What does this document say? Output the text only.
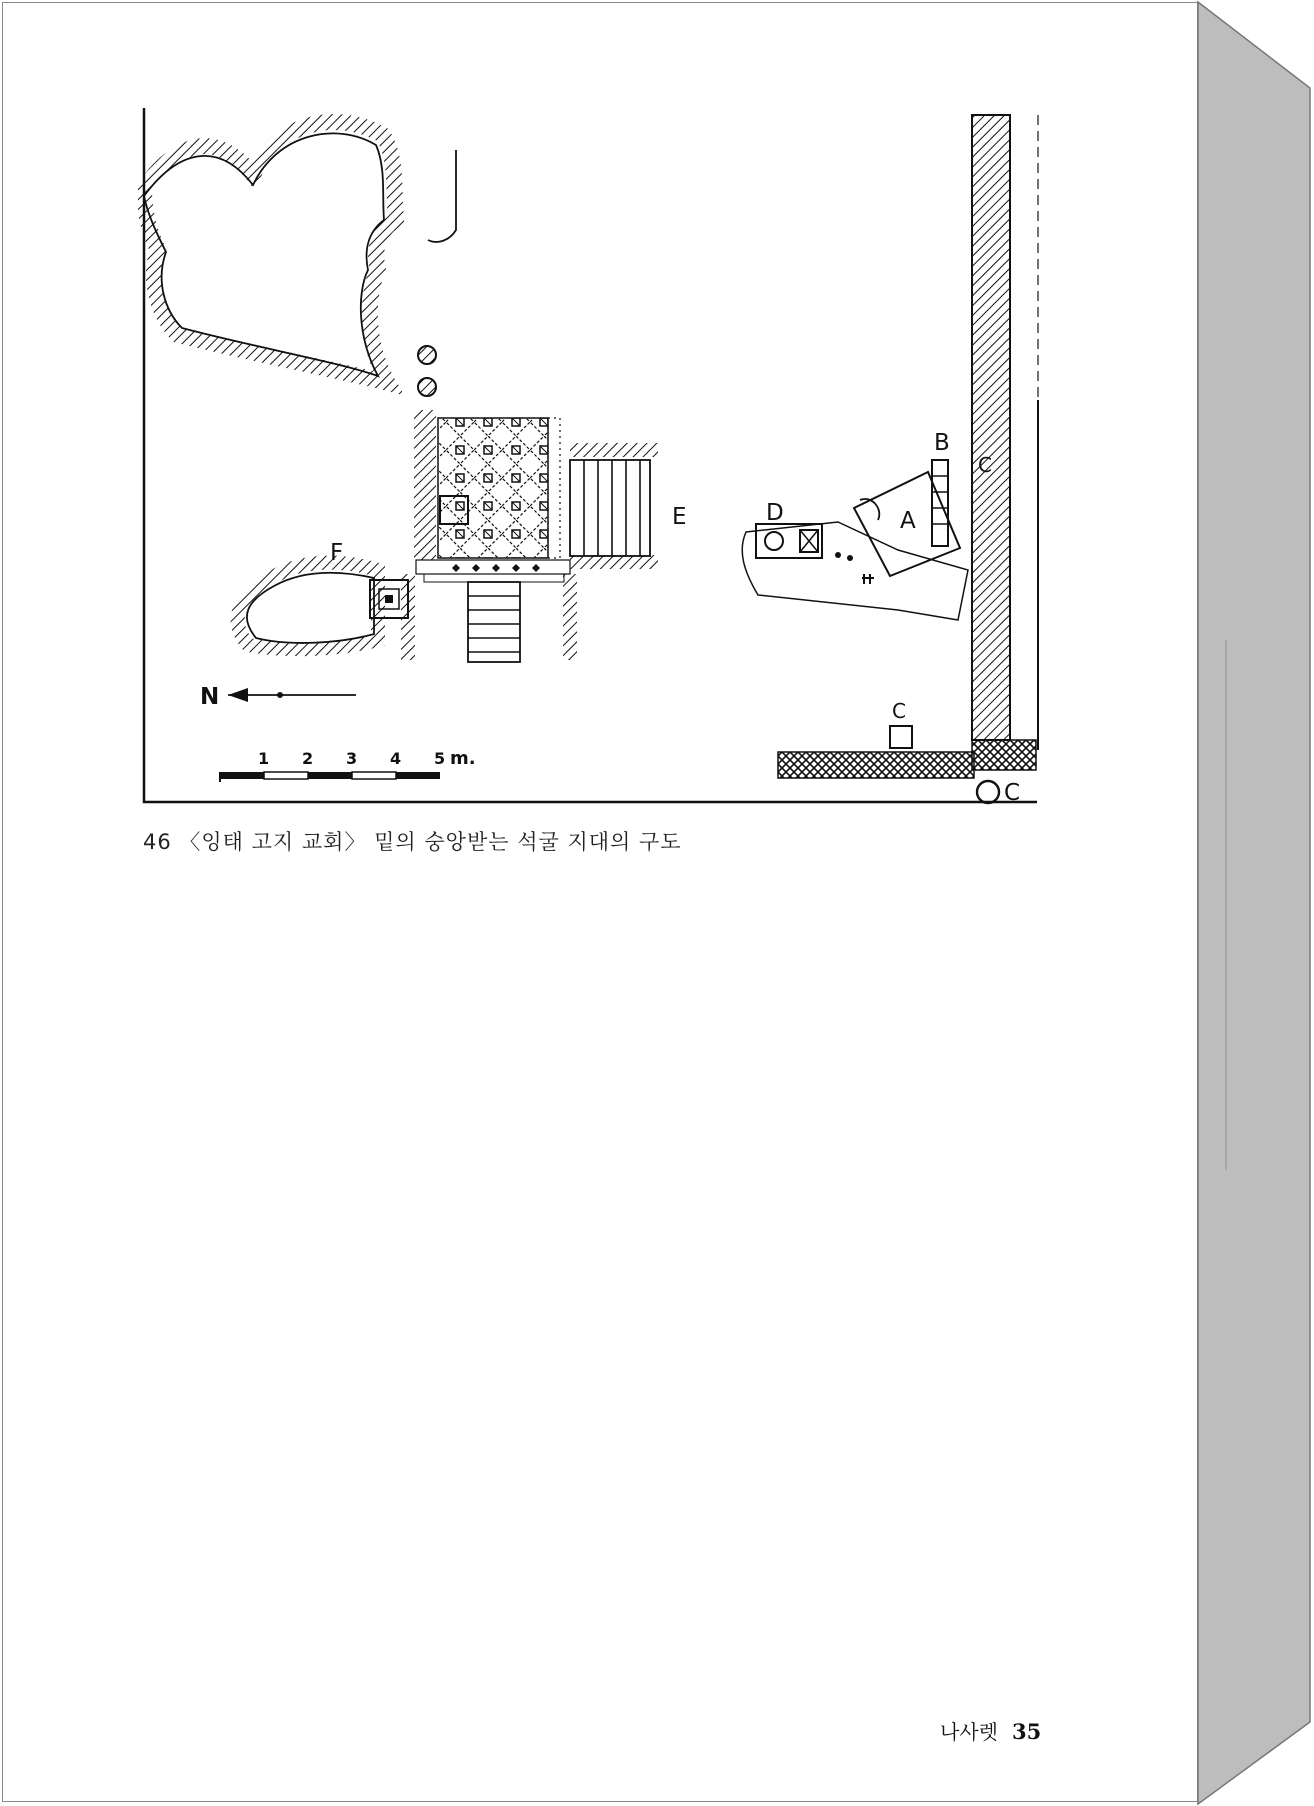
N
1 2 3 4 5 m.
A
B
C
C
C
D
E
F

46 〈잉태 고지 교회〉 밑의 숭앙받는 석굴 지대의 구도

나사렛 35
